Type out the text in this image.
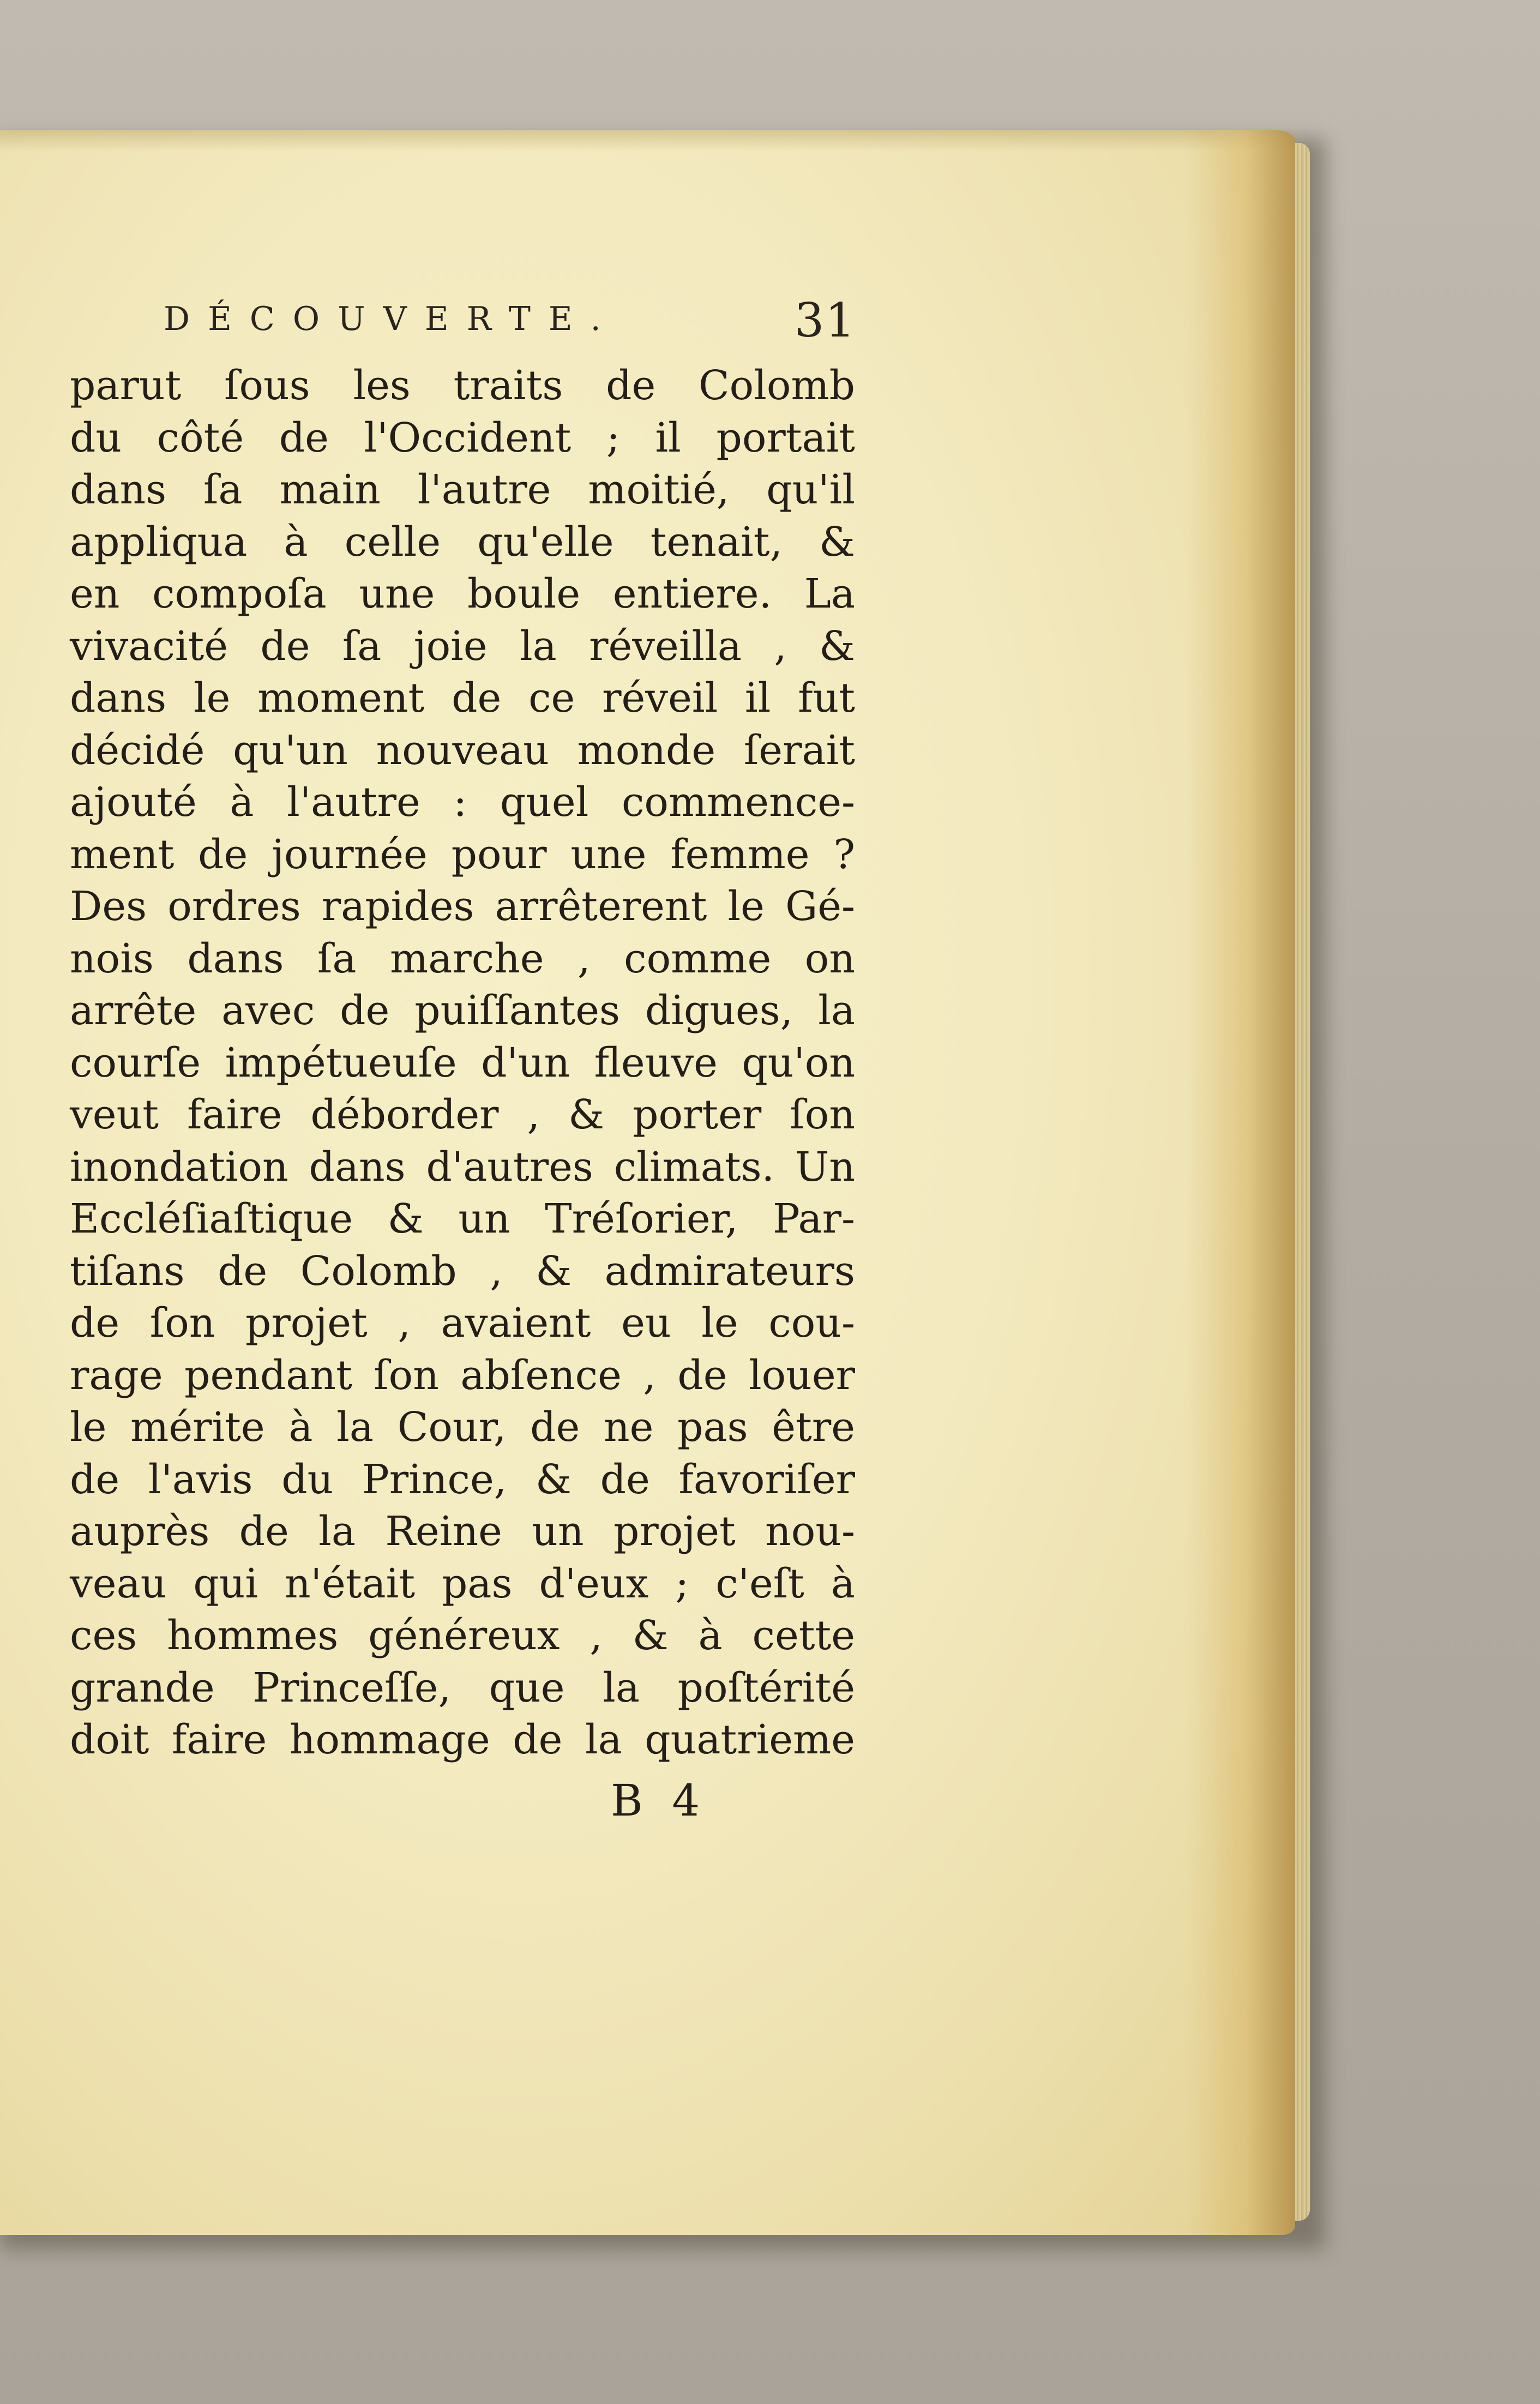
DÉCOUVERTE.	31
parut ſous les traits de Colomb
du côté de l'Occident ; il portait
dans ſa main l'autre moitié, qu'il
appliqua à celle qu'elle tenait, &
en compoſa une boule entiere. La
vivacité de ſa joie la réveilla , &
dans le moment de ce réveil il fut
décidé qu'un nouveau monde ſerait
ajouté à l'autre : quel commence-
ment de journée pour une femme ?
Des ordres rapides arrêterent le Gé-
nois dans ſa marche , comme on
arrête avec de puiſſantes digues, la
courſe impétueuſe d'un fleuve qu'on
veut faire déborder , & porter ſon
inondation dans d'autres climats. Un
Eccléſiaſtique & un Tréſorier, Par-
tiſans de Colomb , & admirateurs
de ſon projet , avaient eu le cou-
rage pendant ſon abſence , de louer
le mérite à la Cour, de ne pas être
de l'avis du Prince, & de favoriſer
auprès de la Reine un projet nou-
veau qui n'était pas d'eux ; c'eſt à
ces hommes généreux , & à cette
grande Princeſſe, que la poſtérité
doit faire hommage de la quatrieme
B 4
